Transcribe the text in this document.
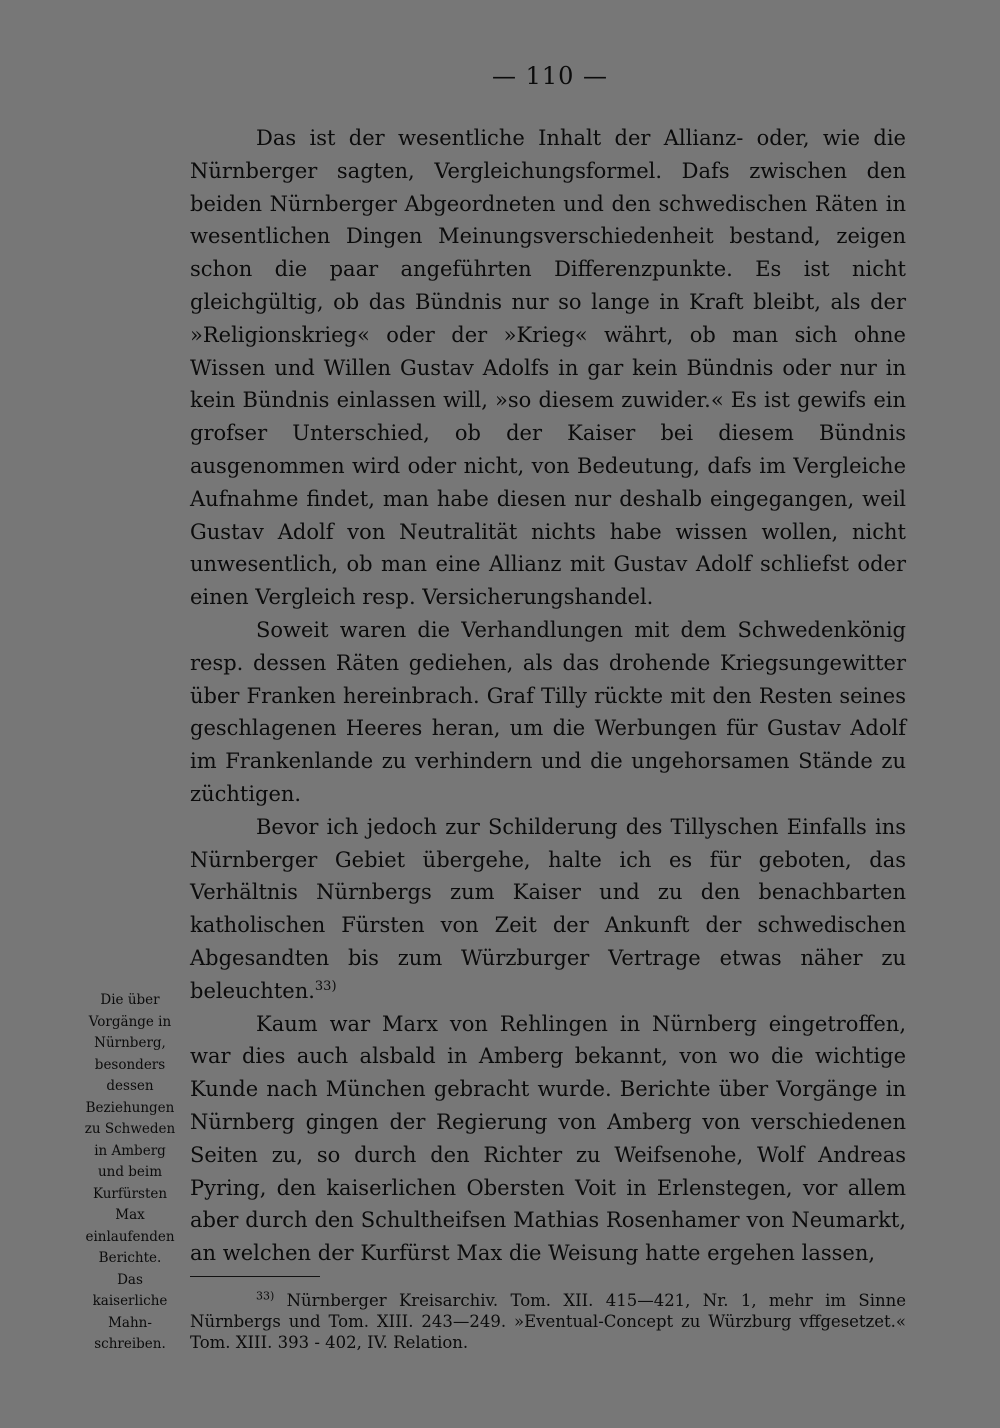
— 110 —

Das ist der wesentliche Inhalt der Allianz- oder, wie die Nürnberger sagten, Vergleichungsformel. Dafs zwischen den beiden Nürnberger Abgeordneten und den schwedischen Räten in wesentlichen Dingen Meinungsverschiedenheit bestand, zeigen schon die paar angeführten Differenzpunkte. Es ist nicht gleichgültig, ob das Bündnis nur so lange in Kraft bleibt, als der »Religionskrieg« oder der »Krieg« währt, ob man sich ohne Wissen und Willen Gustav Adolfs in gar kein Bündnis oder nur in kein Bündnis einlassen will, »so diesem zuwider.« Es ist gewifs ein grofser Unterschied, ob der Kaiser bei diesem Bündnis ausgenommen wird oder nicht, von Bedeutung, dafs im Vergleiche Aufnahme findet, man habe diesen nur deshalb eingegangen, weil Gustav Adolf von Neutralität nichts habe wissen wollen, nicht unwesentlich, ob man eine Allianz mit Gustav Adolf schliefst oder einen Vergleich resp. Versicherungshandel.

Soweit waren die Verhandlungen mit dem Schwedenkönig resp. dessen Räten gediehen, als das drohende Kriegsungewitter über Franken hereinbrach. Graf Tilly rückte mit den Resten seines geschlagenen Heeres heran, um die Werbungen für Gustav Adolf im Frankenlande zu verhindern und die ungehorsamen Stände zu züchtigen.

Bevor ich jedoch zur Schilderung des Tillyschen Einfalls ins Nürnberger Gebiet übergehe, halte ich es für geboten, das Verhältnis Nürnbergs zum Kaiser und zu den benachbarten katholischen Fürsten von Zeit der Ankunft der schwedischen Abgesandten bis zum Würzburger Vertrage etwas näher zu beleuchten.$^{33)}$

Kaum war Marx von Rehlingen in Nürnberg eingetroffen, war dies auch alsbald in Amberg bekannt, von wo die wichtige Kunde nach München gebracht wurde. Berichte über Vorgänge in Nürnberg gingen der Regierung von Amberg von verschiedenen Seiten zu, so durch den Richter zu Weifsenohe, Wolf Andreas Pyring, den kaiserlichen Obersten Voit in Erlenstegen, vor allem aber durch den Schultheifsen Mathias Rosenhamer von Neumarkt, an welchen der Kurfürst Max die Weisung hatte ergehen lassen,

Die über
Vorgänge in
Nürnberg,
besonders
dessen
Beziehungen
zu Schweden
in Amberg
und beim
Kurfürsten
Max
einlaufenden
Berichte.
Das
kaiserliche
Mahn-
schreiben.

$^{33)}$ Nürnberger Kreisarchiv. Tom. XII. 415—421, Nr. 1, mehr im Sinne Nürnbergs und Tom. XIII. 243—249. »Eventual-Concept zu Würzburg vffgesetzet.« Tom. XIII. 393 - 402, IV. Relation.
